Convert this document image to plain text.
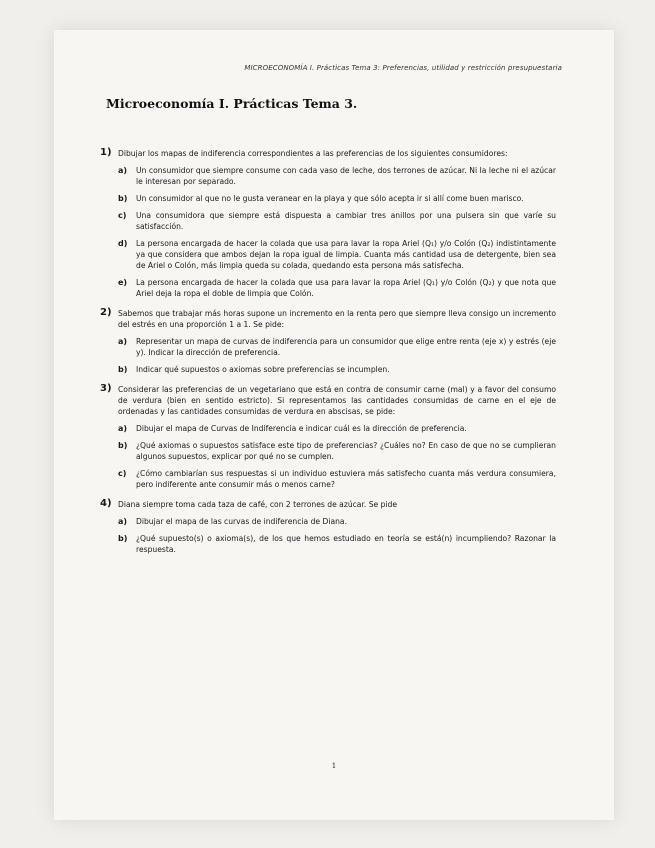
MICROECONOMÍA I. Prácticas Tema 3: Preferencias, utilidad y restricción presupuestaria
Microeconomía I. Prácticas Tema 3.
1) Dibujar los mapas de indiferencia correspondientes a las preferencias de los siguientes consumidores:
a) Un consumidor que siempre consume con cada vaso de leche, dos terrones de azúcar. Ni la leche ni el azúcar le interesan por separado.
b) Un consumidor al que no le gusta veranear en la playa y que sólo acepta ir si allí come buen marisco.
c) Una consumidora que siempre está dispuesta a cambiar tres anillos por una pulsera sin que varíe su satisfacción.
d) La persona encargada de hacer la colada que usa para lavar la ropa Ariel (Q₁) y/o Colón (Q₂) indistintamente ya que considera que ambos dejan la ropa igual de limpia. Cuanta más cantidad usa de detergente, bien sea de Ariel o Colón, más limpia queda su colada, quedando esta persona más satisfecha.
e) La persona encargada de hacer la colada que usa para lavar la ropa Ariel (Q₁) y/o Colón (Q₂) y que nota que Ariel deja la ropa el doble de limpia que Colón.
2) Sabemos que trabajar más horas supone un incremento en la renta pero que siempre lleva consigo un incremento del estrés en una proporción 1 a 1. Se pide:
a) Representar un mapa de curvas de indiferencia para un consumidor que elige entre renta (eje x) y estrés (eje y). Indicar la dirección de preferencia.
b) Indicar qué supuestos o axiomas sobre preferencias se incumplen.
3) Considerar las preferencias de un vegetariano que está en contra de consumir carne (mal) y a favor del consumo de verdura (bien en sentido estricto). Si representamos las cantidades consumidas de carne en el eje de ordenadas y las cantidades consumidas de verdura en abscisas, se pide:
a) Dibujar el mapa de Curvas de Indiferencia e indicar cuál es la dirección de preferencia.
b) ¿Qué axiomas o supuestos satisface este tipo de preferencias? ¿Cuáles no? En caso de que no se cumplieran algunos supuestos, explicar por qué no se cumplen.
c) ¿Cómo cambiarían sus respuestas si un individuo estuviera más satisfecho cuanta más verdura consumiera, pero indiferente ante consumir más o menos carne?
4) Diana siempre toma cada taza de café, con 2 terrones de azúcar. Se pide
a) Dibujar el mapa de las curvas de indiferencia de Diana.
b) ¿Qué supuesto(s) o axioma(s), de los que hemos estudiado en teoría se está(n) incumpliendo? Razonar la respuesta.
1
